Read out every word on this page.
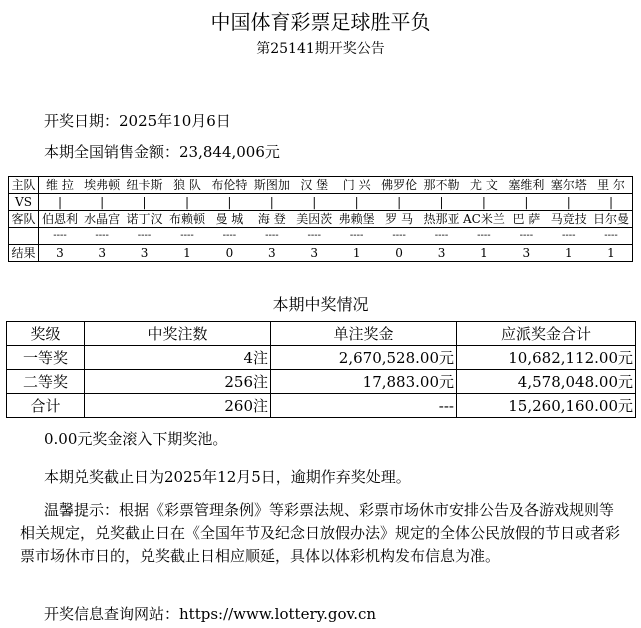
中国体育彩票足球胜平负
第25141期开奖公告
开奖日期：2025年10月6日
本期全国销售金额：23,844,006元
主队	维 拉	埃弗顿	纽卡斯	狼 队	布伦特	斯图加	汉 堡	门 兴	佛罗伦	那不勒	尤 文	塞维利	塞尔塔	里 尔
VS	|	|	|	|	|	|	|	|	|	|	|	|	|	|
客队	伯恩利	水晶宫	诺丁汉	布赖顿	曼 城	海 登	美因茨	弗赖堡	罗 马	热那亚	AC米兰	巴 萨	马竞技	日尔曼
	----	----	----	----	----	----	----	----	----	----	----	----	----	----
结果	3	3	3	1	0	3	3	1	0	3	1	3	1	1
本期中奖情况
奖级	中奖注数	单注奖金	应派奖金合计
一等奖	4注	2,670,528.00元	10,682,112.00元
二等奖	256注	17,883.00元	4,578,048.00元
合计	260注	---	15,260,160.00元
0.00元奖金滚入下期奖池。
本期兑奖截止日为2025年12月5日，逾期作弃奖处理。
温馨提示：根据《彩票管理条例》等彩票法规、彩票市场休市安排公告及各游戏规则等相关规定，兑奖截止日在《全国年节及纪念日放假办法》规定的全体公民放假的节日或者彩票市场休市日的，兑奖截止日相应顺延，具体以体彩机构发布信息为准。
开奖信息查询网站：https://www.lottery.gov.cn
